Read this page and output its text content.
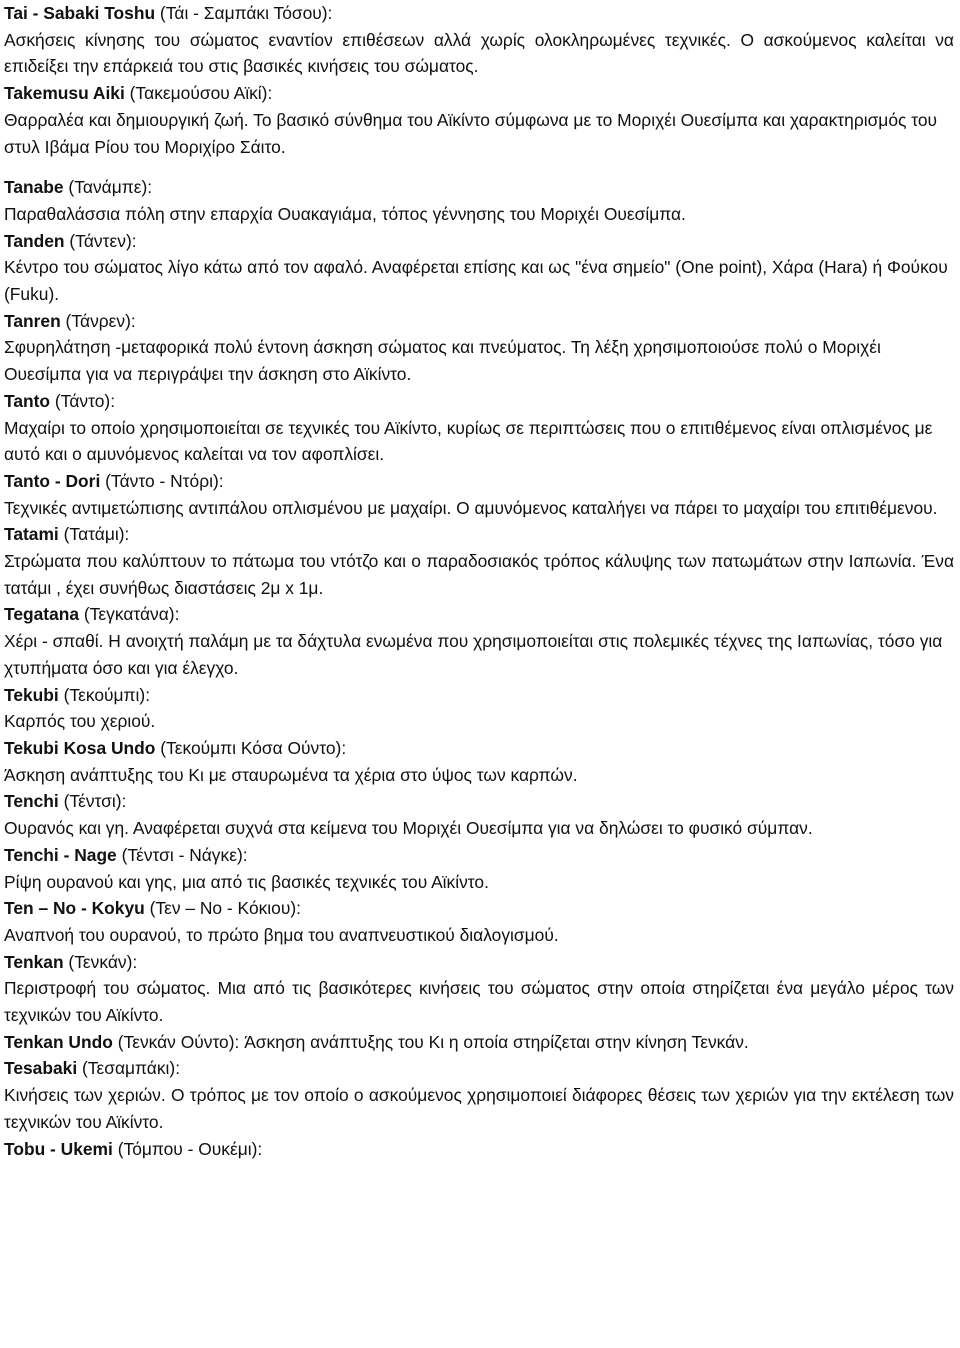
Tai - Sabaki Toshu (Τάι - Σαμπάκι Τόσου):

Ασκήσεις κίνησης του σώματος εναντίον επιθέσεων αλλά χωρίς ολοκληρωμένες τεχνικές. Ο ασκούμενος καλείται να επιδείξει την επάρκειά του στις βασικές κινήσεις του σώματος.

Takemusu Aiki (Τακεμούσου Αϊκί):

Θαρραλέα και δημιουργική ζωή. Το βασικό σύνθημα του Αϊκίντο σύμφωνα με το Μοριχέι Ουεσίμπα και χαρακτηρισμός του στυλ Ιβάμα Ρίου του Μοριχίρο Σάιτο.

Tanabe (Τανάμπε):

Παραθαλάσσια πόλη στην επαρχία Ουακαγιάμα, τόπος γέννησης του Μοριχέι Ουεσίμπα.

Tanden (Τάντεν):

Κέντρο του σώματος λίγο κάτω από τον αφαλό. Αναφέρεται επίσης και ως "ένα σημείο" (One point), Χάρα (Hara) ή Φούκου (Fuku).

Tanren (Τάνρεν):

Σφυρηλάτηση -μεταφορικά πολύ έντονη άσκηση σώματος και πνεύματος. Τη λέξη χρησιμοποιούσε πολύ ο Μοριχέι Ουεσίμπα για να περιγράψει την άσκηση στο Αϊκίντο.

Tanto (Τάντο):

Μαχαίρι το οποίο χρησιμοποιείται σε τεχνικές του Αϊκίντο, κυρίως σε περιπτώσεις που ο επιτιθέμενος είναι οπλισμένος με αυτό και ο αμυνόμενος καλείται να τον αφοπλίσει.

Tanto - Dori (Τάντο - Ντόρι):

Τεχνικές αντιμετώπισης αντιπάλου οπλισμένου με μαχαίρι. Ο αμυνόμενος καταλήγει να πάρει το μαχαίρι του επιτιθέμενου.

Tatami (Τατάμι):

Στρώματα που καλύπτουν το πάτωμα του ντότζο και ο παραδοσιακός τρόπος κάλυψης των πατωμάτων στην Ιαπωνία. Ένα τατάμι , έχει συνήθως διαστάσεις 2μ x 1μ.

Tegatana (Τεγκατάνα):

Χέρι - σπαθί. Η ανοιχτή παλάμη με τα δάχτυλα ενωμένα που χρησιμοποιείται στις πολεμικές τέχνες της Ιαπωνίας, τόσο για χτυπήματα όσο και για έλεγχο.

Tekubi (Τεκούμπι):

Καρπός του χεριού.

Tekubi Kosa Undo (Τεκούμπι Κόσα Ούντο):

Άσκηση ανάπτυξης του Κι με σταυρωμένα τα χέρια στο ύψος των καρπών.

Tenchi (Τέντσι):

Ουρανός και γη. Αναφέρεται συχνά στα κείμενα του Μοριχέι Ουεσίμπα για να δηλώσει το φυσικό σύμπαν.

Tenchi - Nage (Τέντσι - Νάγκε):

Ρίψη ουρανού και γης, μια από τις βασικές τεχνικές του Αϊκίντο.

Ten – No - Kokyu (Τεν – Νο - Κόκιου):

Αναπνοή του ουρανού, το πρώτο βημα του αναπνευστικού διαλογισμού.

Tenkan (Τενκάν):

Περιστροφή του σώματος. Μια από τις βασικότερες κινήσεις του σώματος στην οποία στηρίζεται ένα μεγάλο μέρος των τεχνικών του Αϊκίντο.

Tenkan Undo (Τενκάν Ούντο): Άσκηση ανάπτυξης του Κι η οποία στηρίζεται στην κίνηση Τενκάν.

Tesabaki (Τεσαμπάκι):

Κινήσεις των χεριών. Ο τρόπος με τον οποίο ο ασκούμενος χρησιμοποιεί διάφορες θέσεις των χεριών για την εκτέλεση των τεχνικών του Αϊκίντο.

Tobu - Ukemi (Τόμπου - Ουκέμι):
